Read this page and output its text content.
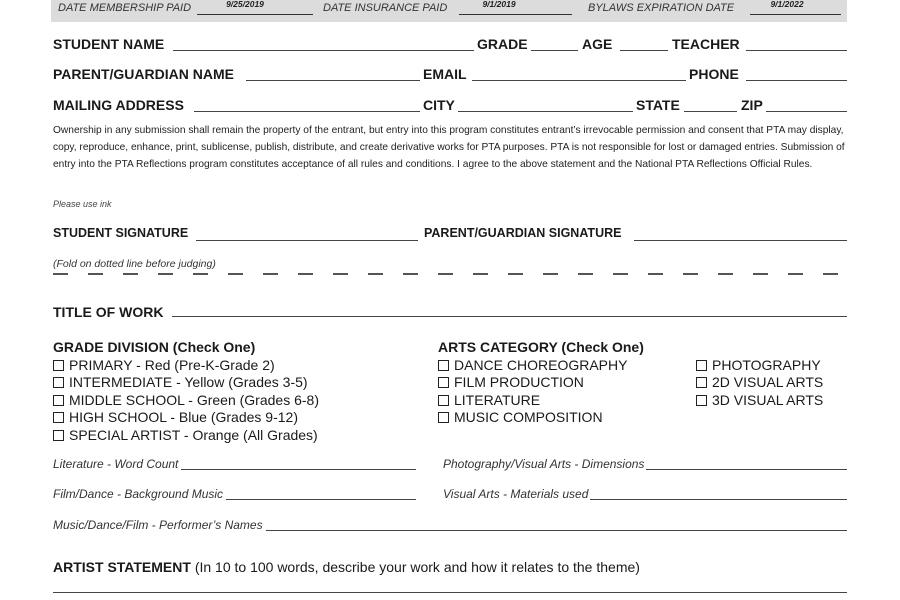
DATE MEMBERSHIP PAID	9/25/2019	DATE INSURANCE PAID	9/1/2019	BYLAWS EXPIRATION DATE	9/1/2022
STUDENT NAME	GRADE	AGE	TEACHER
PARENT/GUARDIAN NAME	EMAIL	PHONE
MAILING ADDRESS	CITY	STATE	ZIP

Ownership in any submission shall remain the property of the entrant, but entry into this program constitutes entrant’s irrevocable permission and consent that PTA may display, copy, reproduce, enhance, print, sublicense, publish, distribute, and create derivative works for PTA purposes. PTA is not responsible for lost or damaged entries. Submission of entry into the PTA Reflections program constitutes acceptance of all rules and conditions. I agree to the above statement and the National PTA Reflections Official Rules.

Please use ink
STUDENT SIGNATURE	PARENT/GUARDIAN SIGNATURE
(Fold on dotted line before judging)
TITLE OF WORK
GRADE DIVISION (Check One)
PRIMARY - Red (Pre-K-Grade 2)
INTERMEDIATE - Yellow (Grades 3-5)
MIDDLE SCHOOL - Green (Grades 6-8)
HIGH SCHOOL - Blue (Grades 9-12)
SPECIAL ARTIST - Orange (All Grades)
ARTS CATEGORY (Check One)
DANCE CHOREOGRAPHY
FILM PRODUCTION
LITERATURE
MUSIC COMPOSITION
PHOTOGRAPHY
2D VISUAL ARTS
3D VISUAL ARTS
Literature - Word Count	Photography/Visual Arts - Dimensions
Film/Dance - Background Music	Visual Arts - Materials used
Music/Dance/Film - Performer’s Names
ARTIST STATEMENT (In 10 to 100 words, describe your work and how it relates to the theme)
